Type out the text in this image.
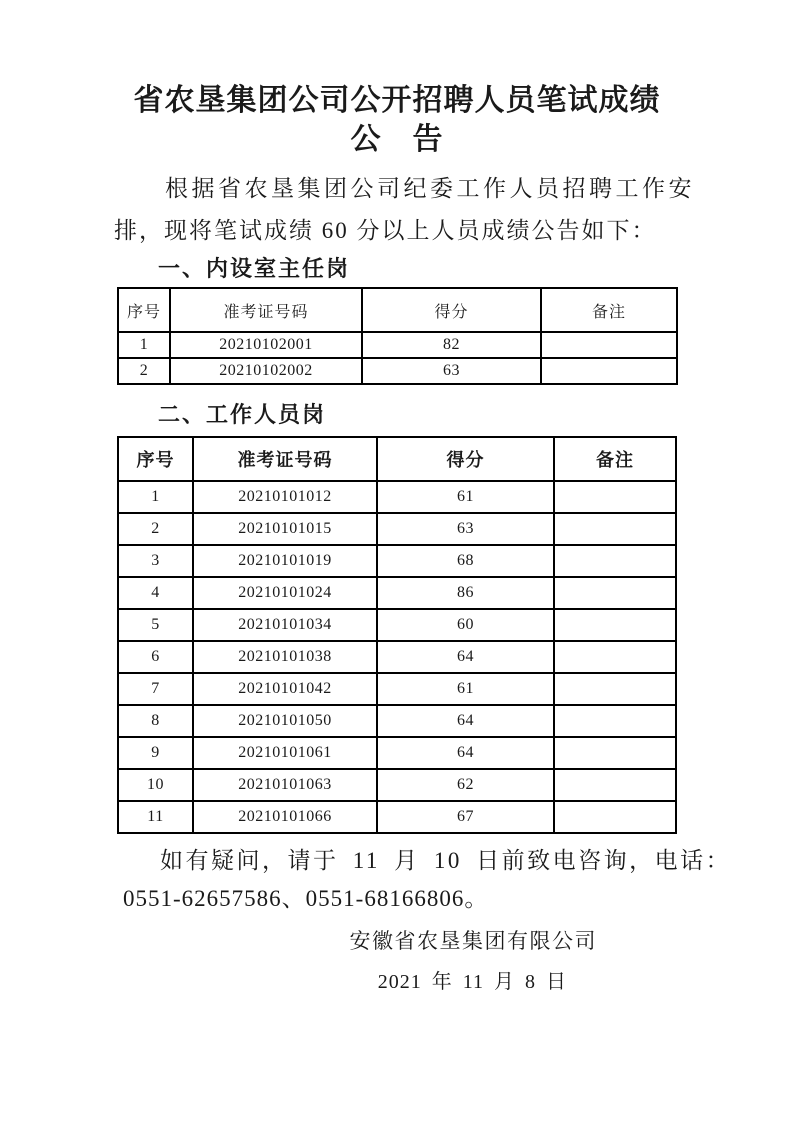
省农垦集团公司公开招聘人员笔试成绩
公　告

根据省农垦集团公司纪委工作人员招聘工作安

排，现将笔试成绩 60 分以上人员成绩公告如下：

一、内设室主任岗
序号	准考证号码	得分	备注
1	20210102001	82	
2	20210102002	63	
二、工作人员岗
序号	准考证号码	得分	备注
1	20210101012	61	
2	20210101015	63	
3	20210101019	68	
4	20210101024	86	
5	20210101034	60	
6	20210101038	64	
7	20210101042	61	
8	20210101050	64	
9	20210101061	64	
10	20210101063	62	
11	20210101066	67	

如有疑问，请于 11 月 10 日前致电咨询，电话：

0551-62657586、0551-68166806。

安徽省农垦集团有限公司
2021 年 11 月 8 日
